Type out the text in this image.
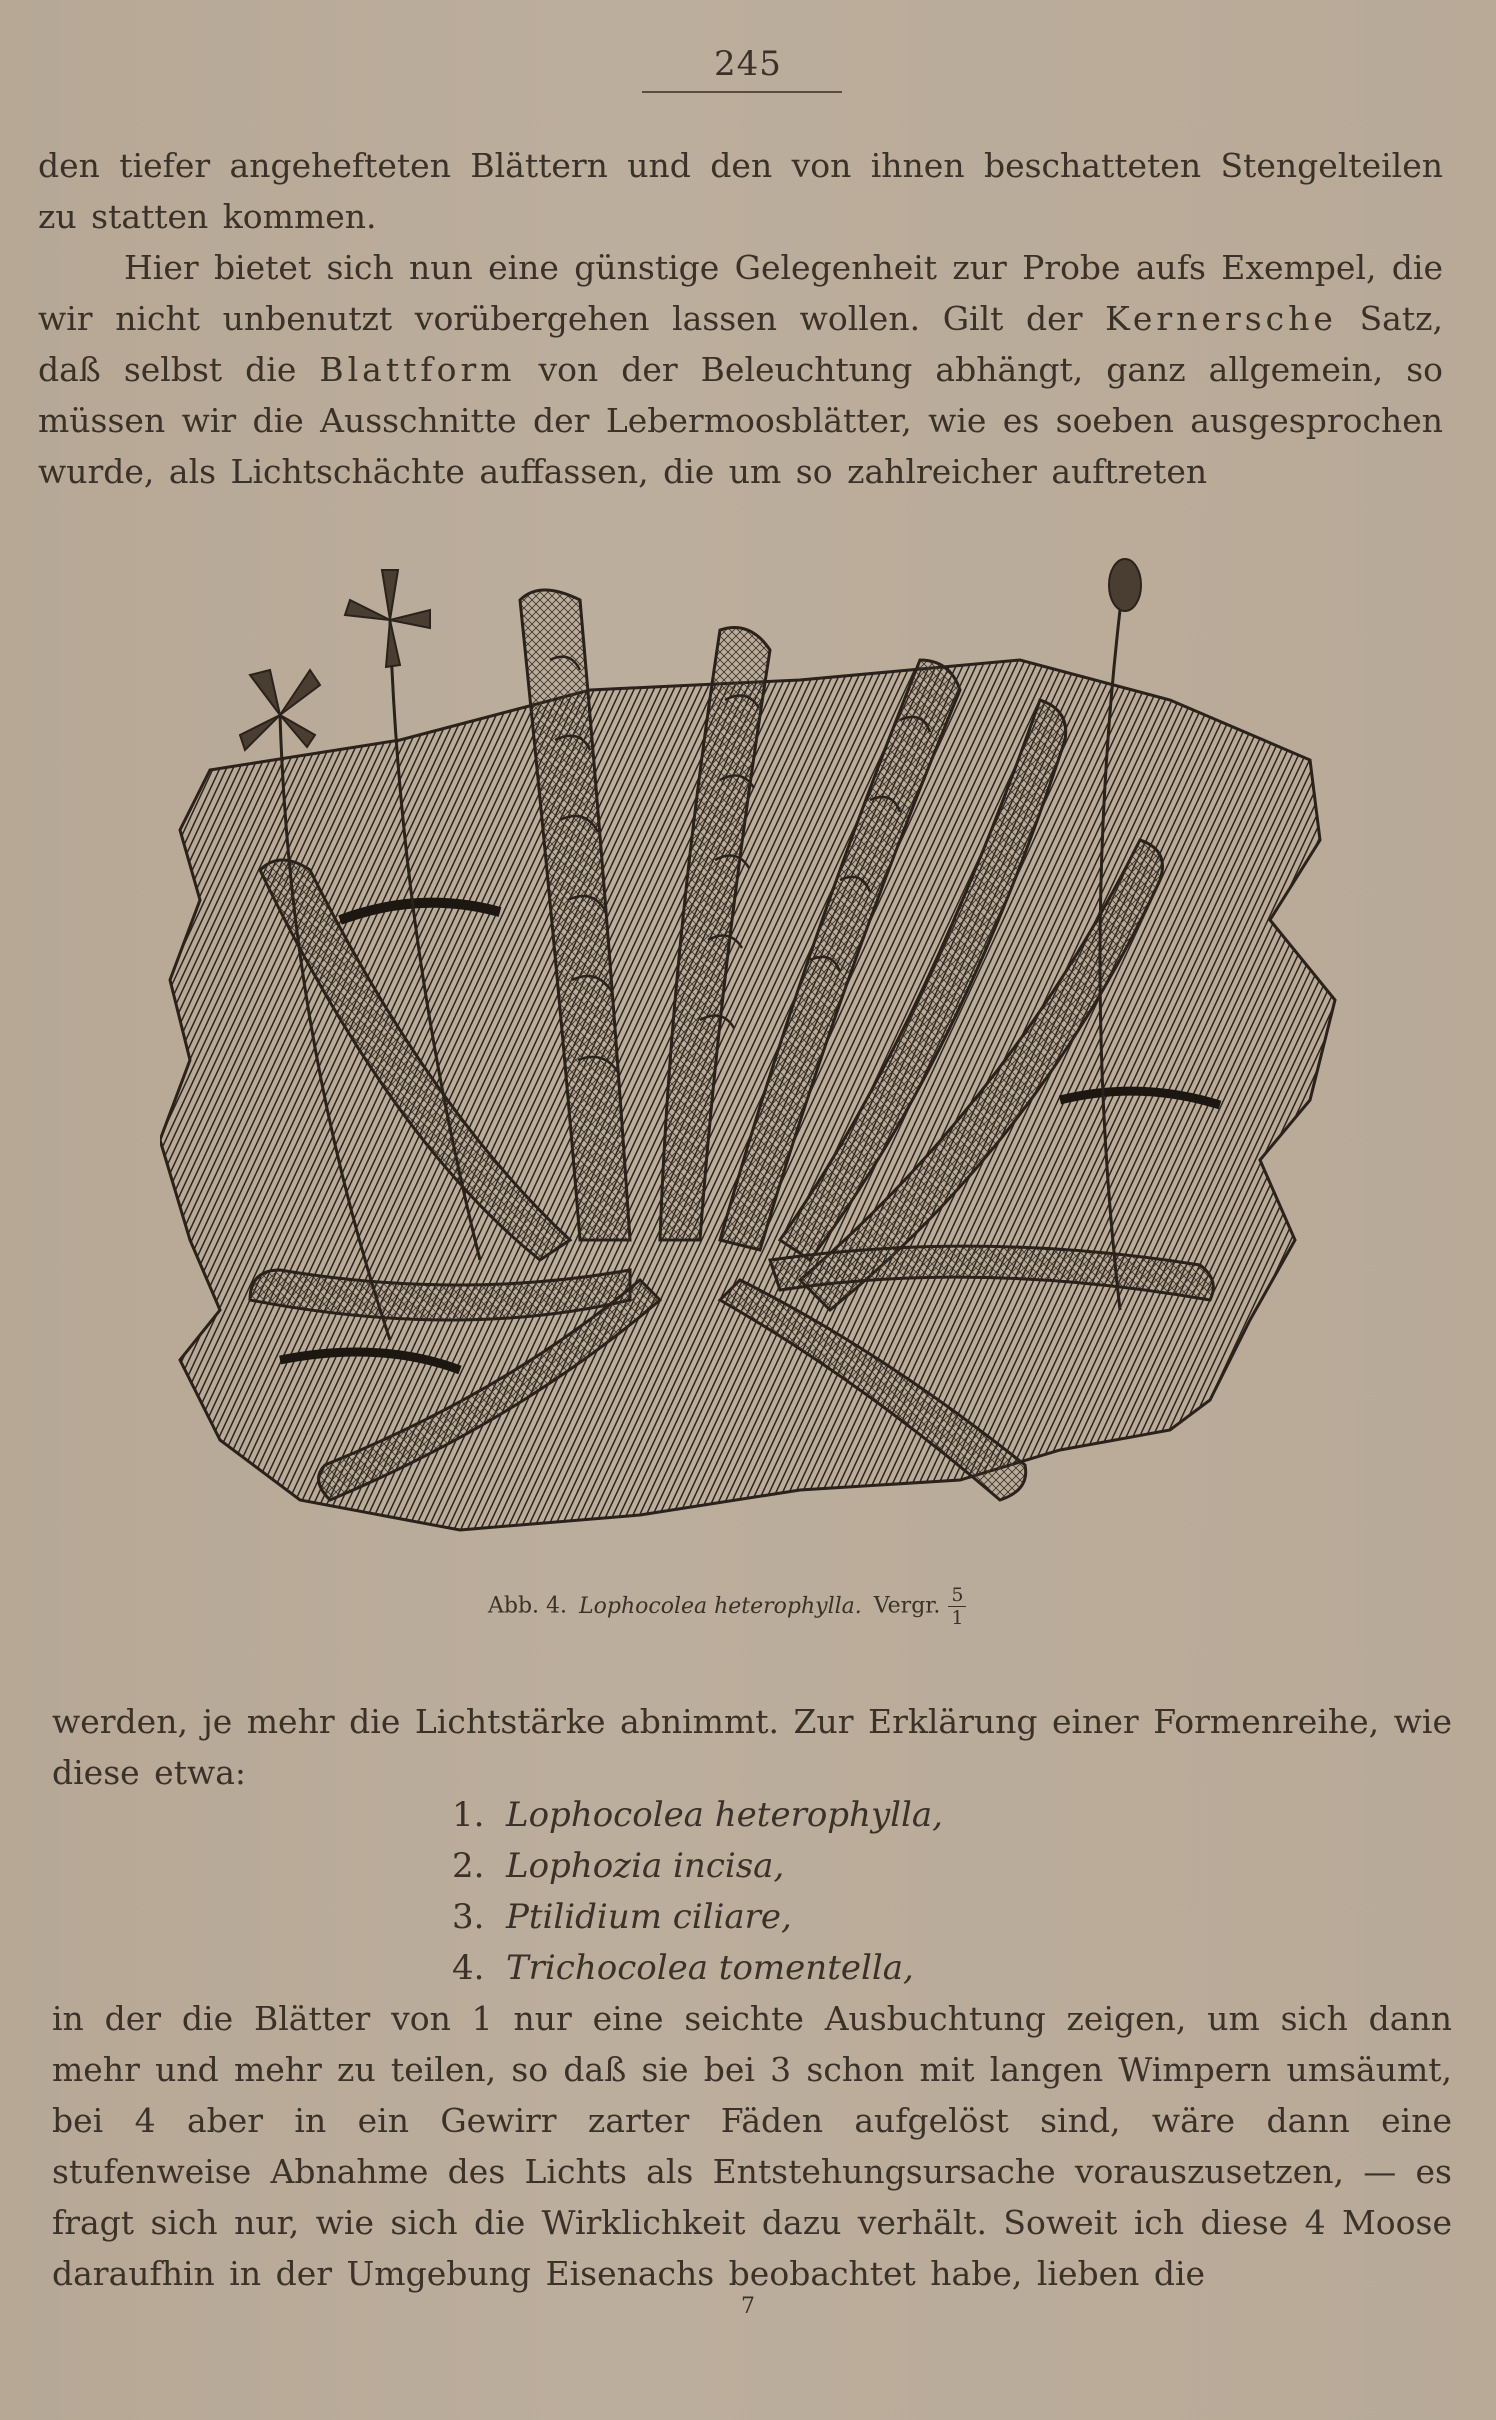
245
den tiefer angehefteten Blättern und den von ihnen beschatteten Stengelteilen zu statten kommen.
Hier bietet sich nun eine günstige Gelegenheit zur Probe aufs Exempel, die wir nicht unbenutzt vorübergehen lassen wollen. Gilt der Kernersche Satz, daß selbst die Blattform von der Beleuchtung abhängt, ganz allgemein, so müssen wir die Ausschnitte der Lebermoosblätter, wie es soeben ausgesprochen wurde, als Lichtschächte auffassen, die um so zahlreicher auftreten
Abb. 4. Lophocolea heterophylla. Vergr. $\frac{5}{1}$
werden, je mehr die Lichtstärke abnimmt. Zur Erklärung einer Formenreihe, wie diese etwa:
1. Lophocolea heterophylla,
2. Lophozia incisa,
3. Ptilidium ciliare,
4. Trichocolea tomentella,
in der die Blätter von 1 nur eine seichte Ausbuchtung zeigen, um sich dann mehr und mehr zu teilen, so daß sie bei 3 schon mit langen Wimpern umsäumt, bei 4 aber in ein Gewirr zarter Fäden aufgelöst sind, wäre dann eine stufenweise Abnahme des Lichts als Entstehungsursache vorauszusetzen, — es fragt sich nur, wie sich die Wirklichkeit dazu verhält. Soweit ich diese 4 Moose daraufhin in der Umgebung Eisenachs beobachtet habe, lieben die
7
